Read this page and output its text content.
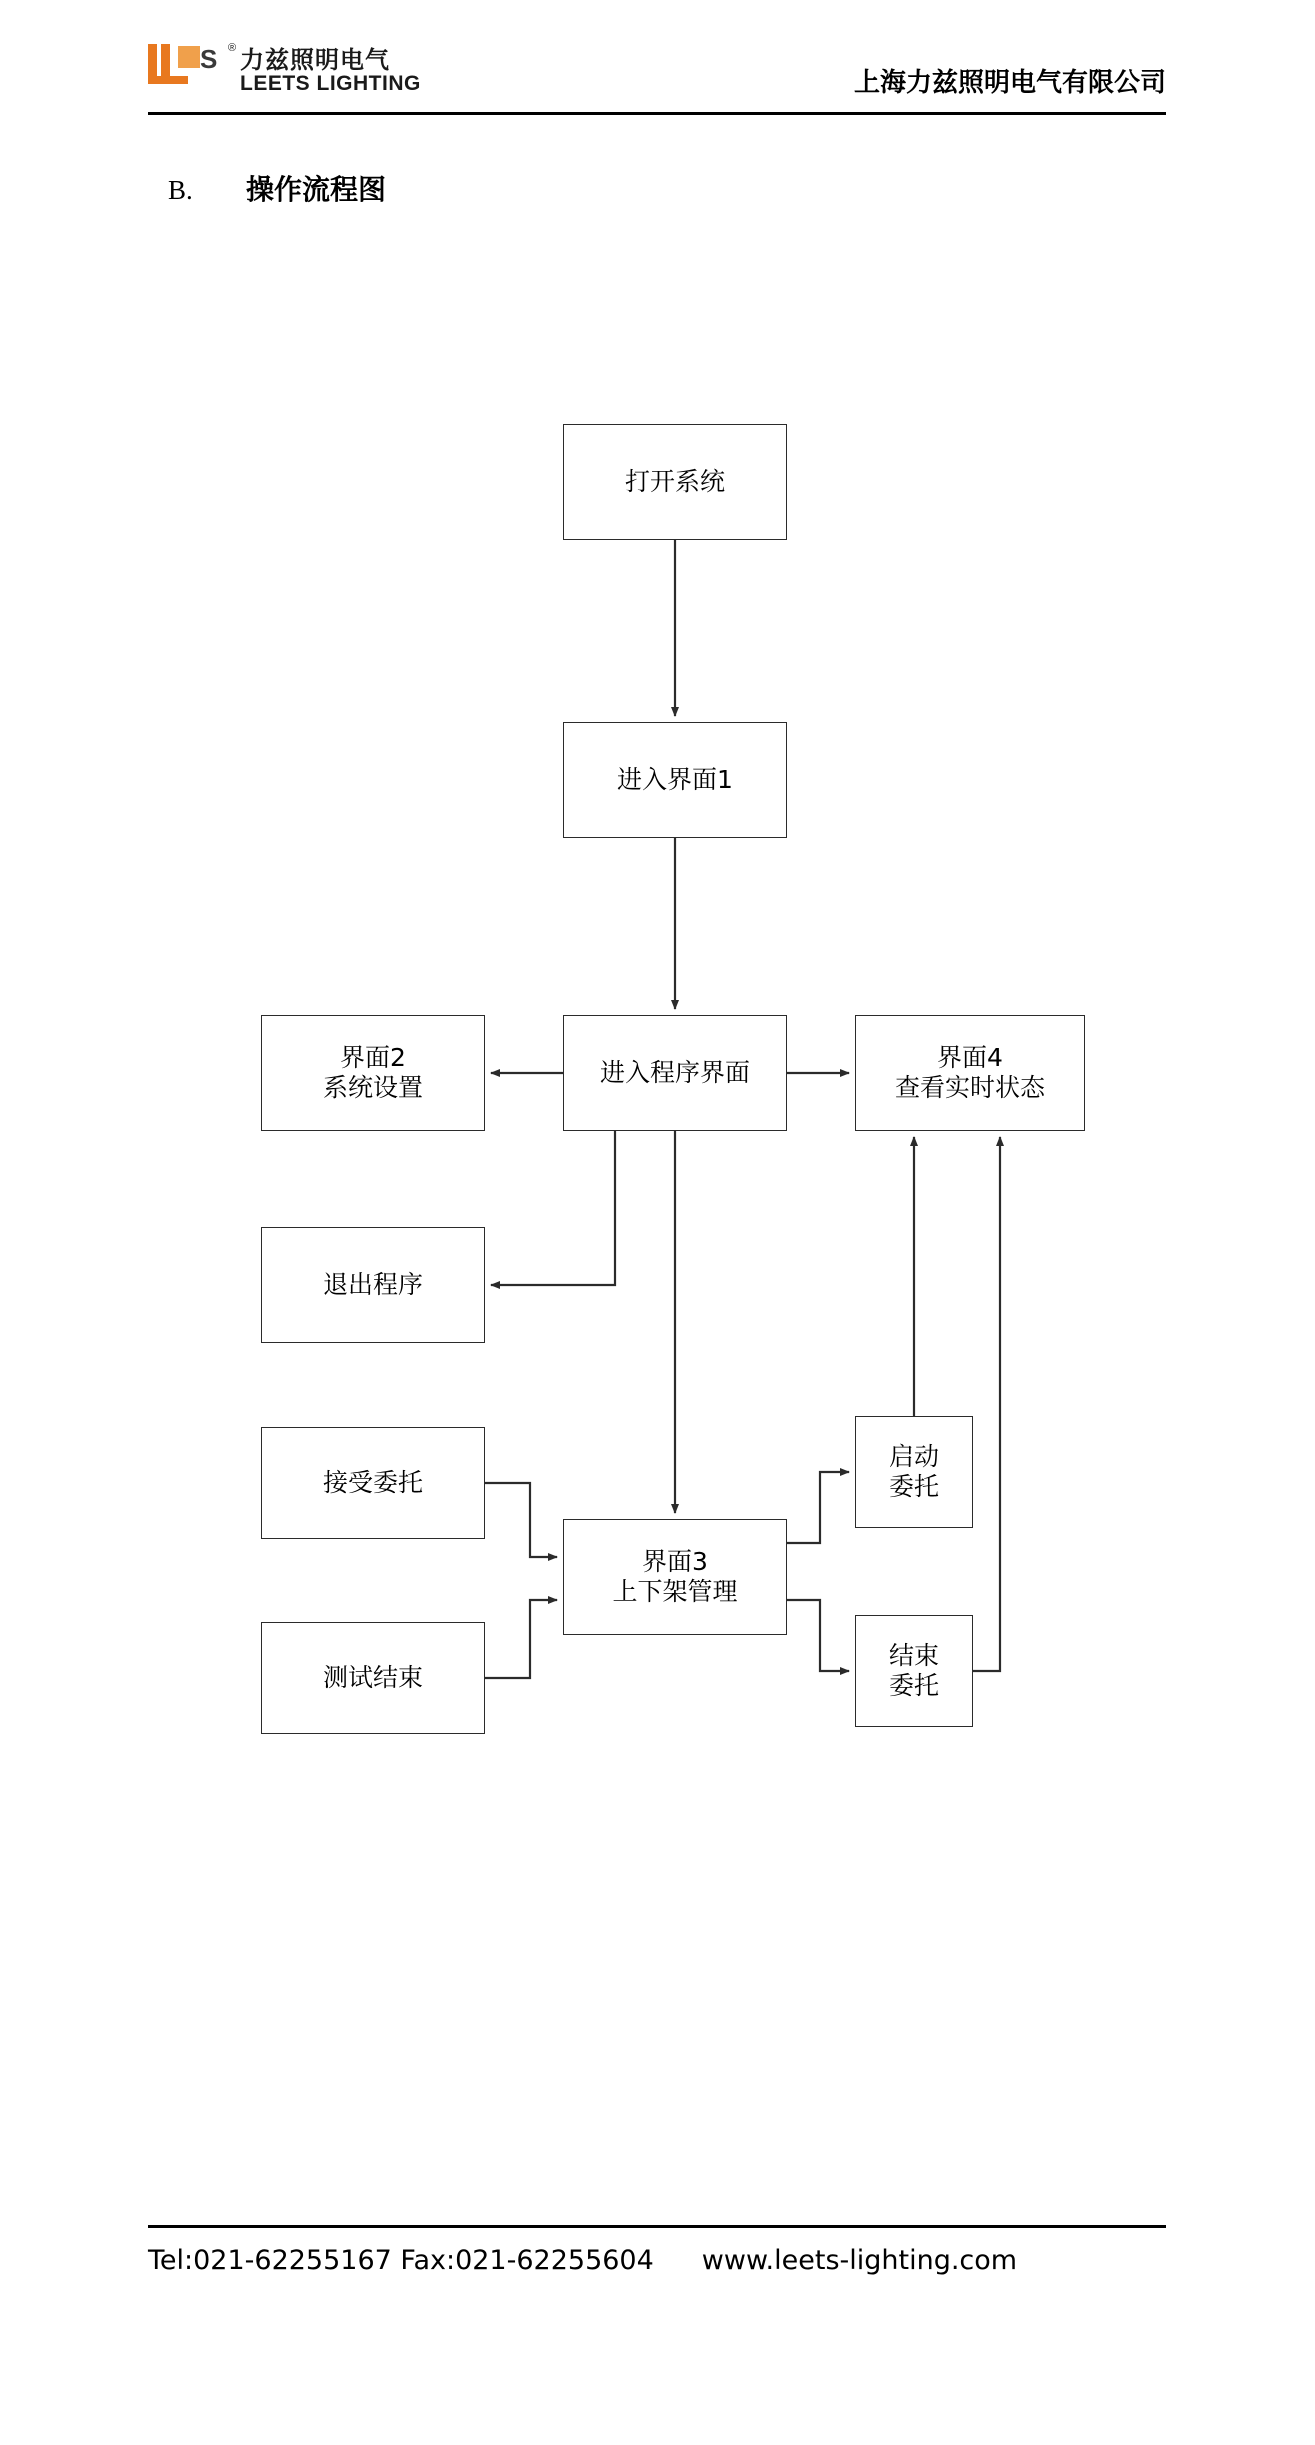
S ® 力兹照明电气
LEETS LIGHTING	上海力兹照明电气有限公司
B. 操作流程图
打开系统
进入界面1
进入程序界面
界面2
系统设置
界面4
查看实时状态
退出程序
接受委托
测试结束
界面3
上下架管理
启动
委托
结束
委托
Tel:021-62255167 Fax:021-62255604 www.leets-lighting.com
